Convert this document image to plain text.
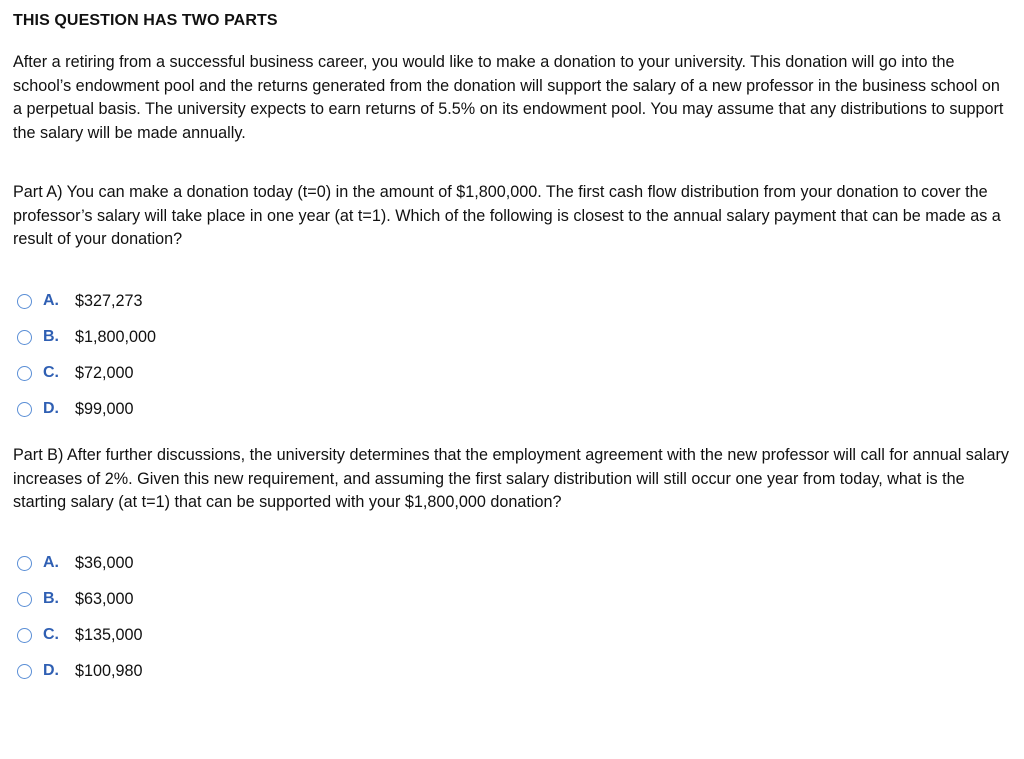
THIS QUESTION HAS TWO PARTS
After a retiring from a successful business career, you would like to make a donation to your university. This donation will go into the school’s endowment pool and the returns generated from the donation will support the salary of a new professor in the business school on a perpetual basis. The university expects to earn returns of 5.5% on its endowment pool. You may assume that any distributions to support the salary will be made annually.
Part A) You can make a donation today (t=0) in the amount of $1,800,000. The first cash flow distribution from your donation to cover the professor’s salary will take place in one year (at t=1). Which of the following is closest to the annual salary payment that can be made as a result of your donation?
A. $327,273
B. $1,800,000
C. $72,000
D. $99,000
Part B) After further discussions, the university determines that the employment agreement with the new professor will call for annual salary increases of 2%. Given this new requirement, and assuming the first salary distribution will still occur one year from today, what is the starting salary (at t=1) that can be supported with your $1,800,000 donation?
A. $36,000
B. $63,000
C. $135,000
D. $100,980
